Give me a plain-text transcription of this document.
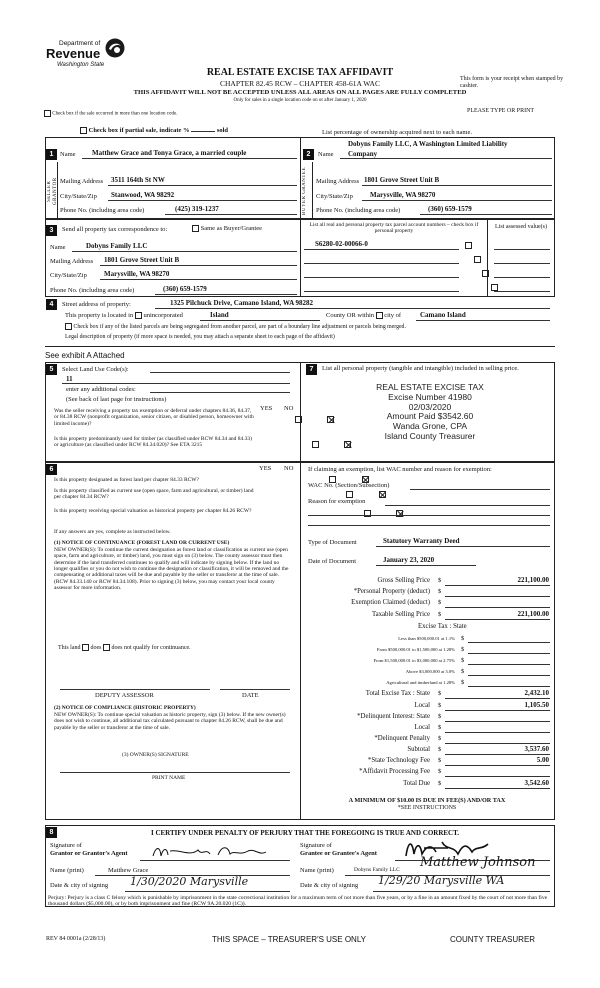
Department of
Revenue
Washington State
REAL ESTATE EXCISE TAX AFFIDAVIT
CHAPTER 82.45 RCW – CHAPTER 458-61A WAC
THIS AFFIDAVIT WILL NOT BE ACCEPTED UNLESS ALL AREAS ON ALL PAGES ARE FULLY COMPLETED
Only for sales in a single location code on or after January 1, 2020
This form is your receipt when stamped by cashier.
PLEASE TYPE OR PRINT
Check box if the sale occurred in more than one location code.
Check box if partial sale, indicate %	sold	List percentage of ownership acquired next to each name.
1
SELLER GRANTOR
Name Matthew Grace and Tonya Grace, a married couple
Mailing Address 3511 164th St NW
City/State/Zip Stanwood, WA 98292
Phone No. (including area code)	(425) 319-1237
2	Name
Dobyns Family LLC, A Washington Limited Liability
Company
BUYER GRANTEE	Mailing Address 1801 Grove Street Unit B
City/State/Zip Marysville, WA 98270
Phone No. (including area code)	(360) 659-1579
3	Send all property tax correspondence to:	Same as Buyer/Grantee
Name	Dobyns Family LLC
Mailing Address 1801 Grove Street Unit B
City/State/Zip Marysville, WA 98270
Phone No. (including area code)	(360) 659-1579
List all real and personal property tax parcel account numbers – check box if personal property
List assessed value(s)
S6280-02-00066-0

4	Street address of property:	1325 Pilchuck Drive, Camano Island, WA 98282
This property is located in unincorporated	Island	County OR within city of	Camano Island
Check box if any of the listed parcels are being segregated from another parcel, are part of a boundary line adjustment or parcels being merged.
Legal description of property (if more space is needed, you may attach a separate sheet to each page of the affidavit)
See exhibit A Attached
5	Select Land Use Code(s):
11
enter any additional codes:
(See back of last page for instructions)
YES NO
Was the seller receiving a property tax exemption or deferral under chapters 84.36, 84.37, or 84.38 RCW (nonprofit organization, senior citizen, or disabled person, homeowner with limited income)?

Is this property predominantly used for timber (as classified under RCW 84.34 and 84.33) or agriculture (as classified under RCW 84.34.020)? See ETA 3215

7	List all personal property (tangible and intangible) included in selling price.
REAL ESTATE EXCISE TAX
Excise Number 41980
02/03/2020
Amount Paid $3542.60
Wanda Grone, CPA
Island County Treasurer
6	YES NO
Is this property designated as forest land per chapter 84.33 RCW?

Is this property classified as current use (open space, farm and agricultural, or timber) land per chapter 84.34 RCW?

Is this property receiving special valuation as historical property per chapter 84.26 RCW?

If any answers are yes, complete as instructed below.
(1) NOTICE OF CONTINUANCE (FOREST LAND OR CURRENT USE)
NEW OWNER(S): To continue the current designation as forest land or classification as current use (open space, farm and agriculture, or timber) land, you must sign on (3) below. The county assessor must then determine if the land transferred continues to qualify and will indicate by signing below. If the land no longer qualifies or you do not wish to continue the designation or classification, it will be removed and the compensating or additional taxes will be due and payable by the seller or transferor at the time of sale. (RCW 84.33.140 or RCW 84.34.108). Prior to signing (3) below, you may contact your local county assessor for more information.
This land does does not qualify for continuance.
DEPUTY ASSESSOR	DATE
(2) NOTICE OF COMPLIANCE (HISTORIC PROPERTY)
NEW OWNER(S): To continue special valuation as historic property, sign (3) below. If the new owner(s) does not wish to continue, all additional tax calculated pursuant to chapter 84.26 RCW, shall be due and payable by the seller or transferor at the time of sale.
(3) OWNER(S) SIGNATURE
PRINT NAME
If claiming an exemption, list WAC number and reason for exemption:
WAC No. (Section/Subsection)
Reason for exemption
Type of Document	Statutory Warranty Deed
Date of Document	January 23, 2020
Gross Selling Price $	221,100.00
*Personal Property (deduct) $
Exemption Claimed (deduct) $
Taxable Selling Price $	221,100.00
Excise Tax : State
Less than $500,000.01 at 1.1% $
From $500,000.01 to $1,500,000 at 1.28% $
From $1,500,000.01 to $3,000,000 at 2.75% $
Above $3,000,000 at 3.0% $
Agricultural and timberland at 1.28% $
Total Excise Tax : State $	2,432.10
Local $	1,105.50
*Delinquent Interest: State $
Local $
*Delinquent Penalty $
Subtotal $	3,537.60
*State Technology Fee $	5.00
*Affidavit Processing Fee $
Total Due $	3,542.60
A MINIMUM OF $10.00 IS DUE IN FEE(S) AND/OR TAX
*SEE INSTRUCTIONS
8	I CERTIFY UNDER PENALTY OF PERJURY THAT THE FOREGOING IS TRUE AND CORRECT.
Signature of
Grantor or Grantor's Agent
Name (print)	Matthew Grace
Date & city of signing 1/30/2020 Marysville
Signature of
Grantee or Grantee's Agent
Name (print)	Dobyns Family LLC Matthew Johnson
Date & city of signing 1/29/20 Marysville WA
Perjury: Perjury is a class C felony which is punishable by imprisonment in the state correctional institution for a maximum term of not more than five years, or by a fine in an amount fixed by the court of not more than five thousand dollars ($5,000.00), or by both imprisonment and fine (RCW 9A.20.020 (1C)).
REV 84 0001a (2/28/13)	THIS SPACE – TREASURER'S USE ONLY	COUNTY TREASURER
